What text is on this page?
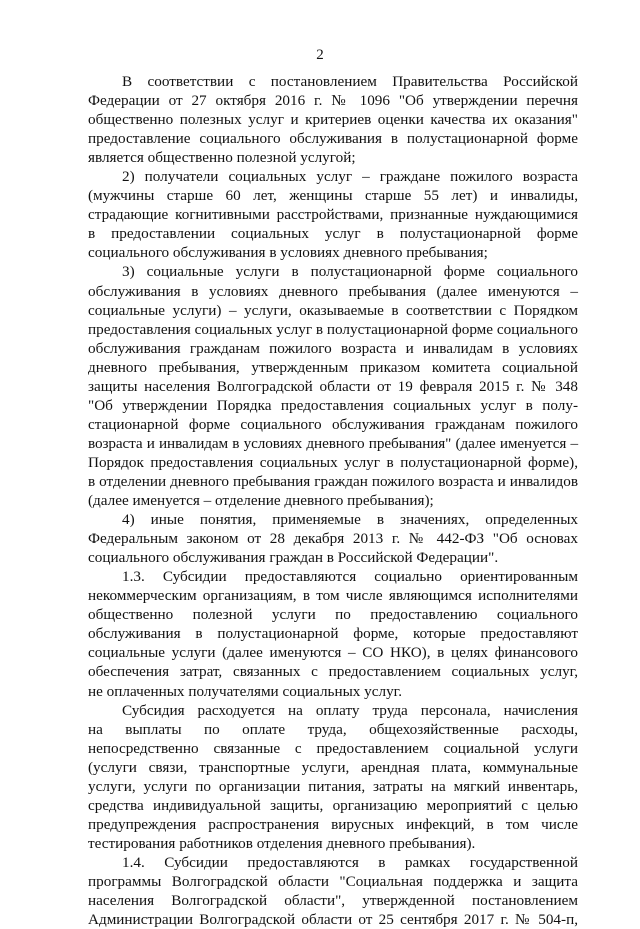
2
В соответствии с постановлением Правительства Российской
Федерации от 27 октября 2016 г. № 1096 "Об утверждении перечня
общественно полезных услуг и критериев оценки качества их оказания"
предоставление социального обслуживания в полустационарной форме
является общественно полезной услугой;
2) получатели социальных услуг – граждане пожилого возраста
(мужчины старше 60 лет, женщины старше 55 лет) и инвалиды,
страдающие когнитивными расстройствами, признанные нуждающимися
в предоставлении социальных услуг в полустационарной форме
социального обслуживания в условиях дневного пребывания;
3) социальные услуги в полустационарной форме социального
обслуживания в условиях дневного пребывания (далее именуются –
социальные услуги) – услуги, оказываемые в соответствии с Порядком
предоставления социальных услуг в полустационарной форме социального
обслуживания гражданам пожилого возраста и инвалидам в условиях
дневного пребывания, утвержденным приказом комитета социальной
защиты населения Волгоградской области от 19 февраля 2015 г. № 348
"Об утверждении Порядка предоставления социальных услуг в полу-
стационарной форме социального обслуживания гражданам пожилого
возраста и инвалидам в условиях дневного пребывания" (далее именуется –
Порядок предоставления социальных услуг в полустационарной форме),
в отделении дневного пребывания граждан пожилого возраста и инвалидов
(далее именуется – отделение дневного пребывания);
4) иные понятия, применяемые в значениях, определенных
Федеральным законом от 28 декабря 2013 г. № 442-ФЗ "Об основах
социального обслуживания граждан в Российской Федерации".
1.3. Субсидии предоставляются социально ориентированным
некоммерческим организациям, в том числе являющимся исполнителями
общественно полезной услуги по предоставлению социального
обслуживания в полустационарной форме, которые предоставляют
социальные услуги (далее именуются – СО НКО), в целях финансового
обеспечения затрат, связанных с предоставлением социальных услуг,
не оплаченных получателями социальных услуг.
Субсидия расходуется на оплату труда персонала, начисления
на выплаты по оплате труда, общехозяйственные расходы,
непосредственно связанные с предоставлением социальной услуги
(услуги связи, транспортные услуги, арендная плата, коммунальные
услуги, услуги по организации питания, затраты на мягкий инвентарь,
средства индивидуальной защиты, организацию мероприятий с целью
предупреждения распространения вирусных инфекций, в том числе
тестирования работников отделения дневного пребывания).
1.4. Субсидии предоставляются в рамках государственной
программы Волгоградской области "Социальная поддержка и защита
населения Волгоградской области", утвержденной постановлением
Администрации Волгоградской области от 25 сентября 2017 г. № 504-п,
